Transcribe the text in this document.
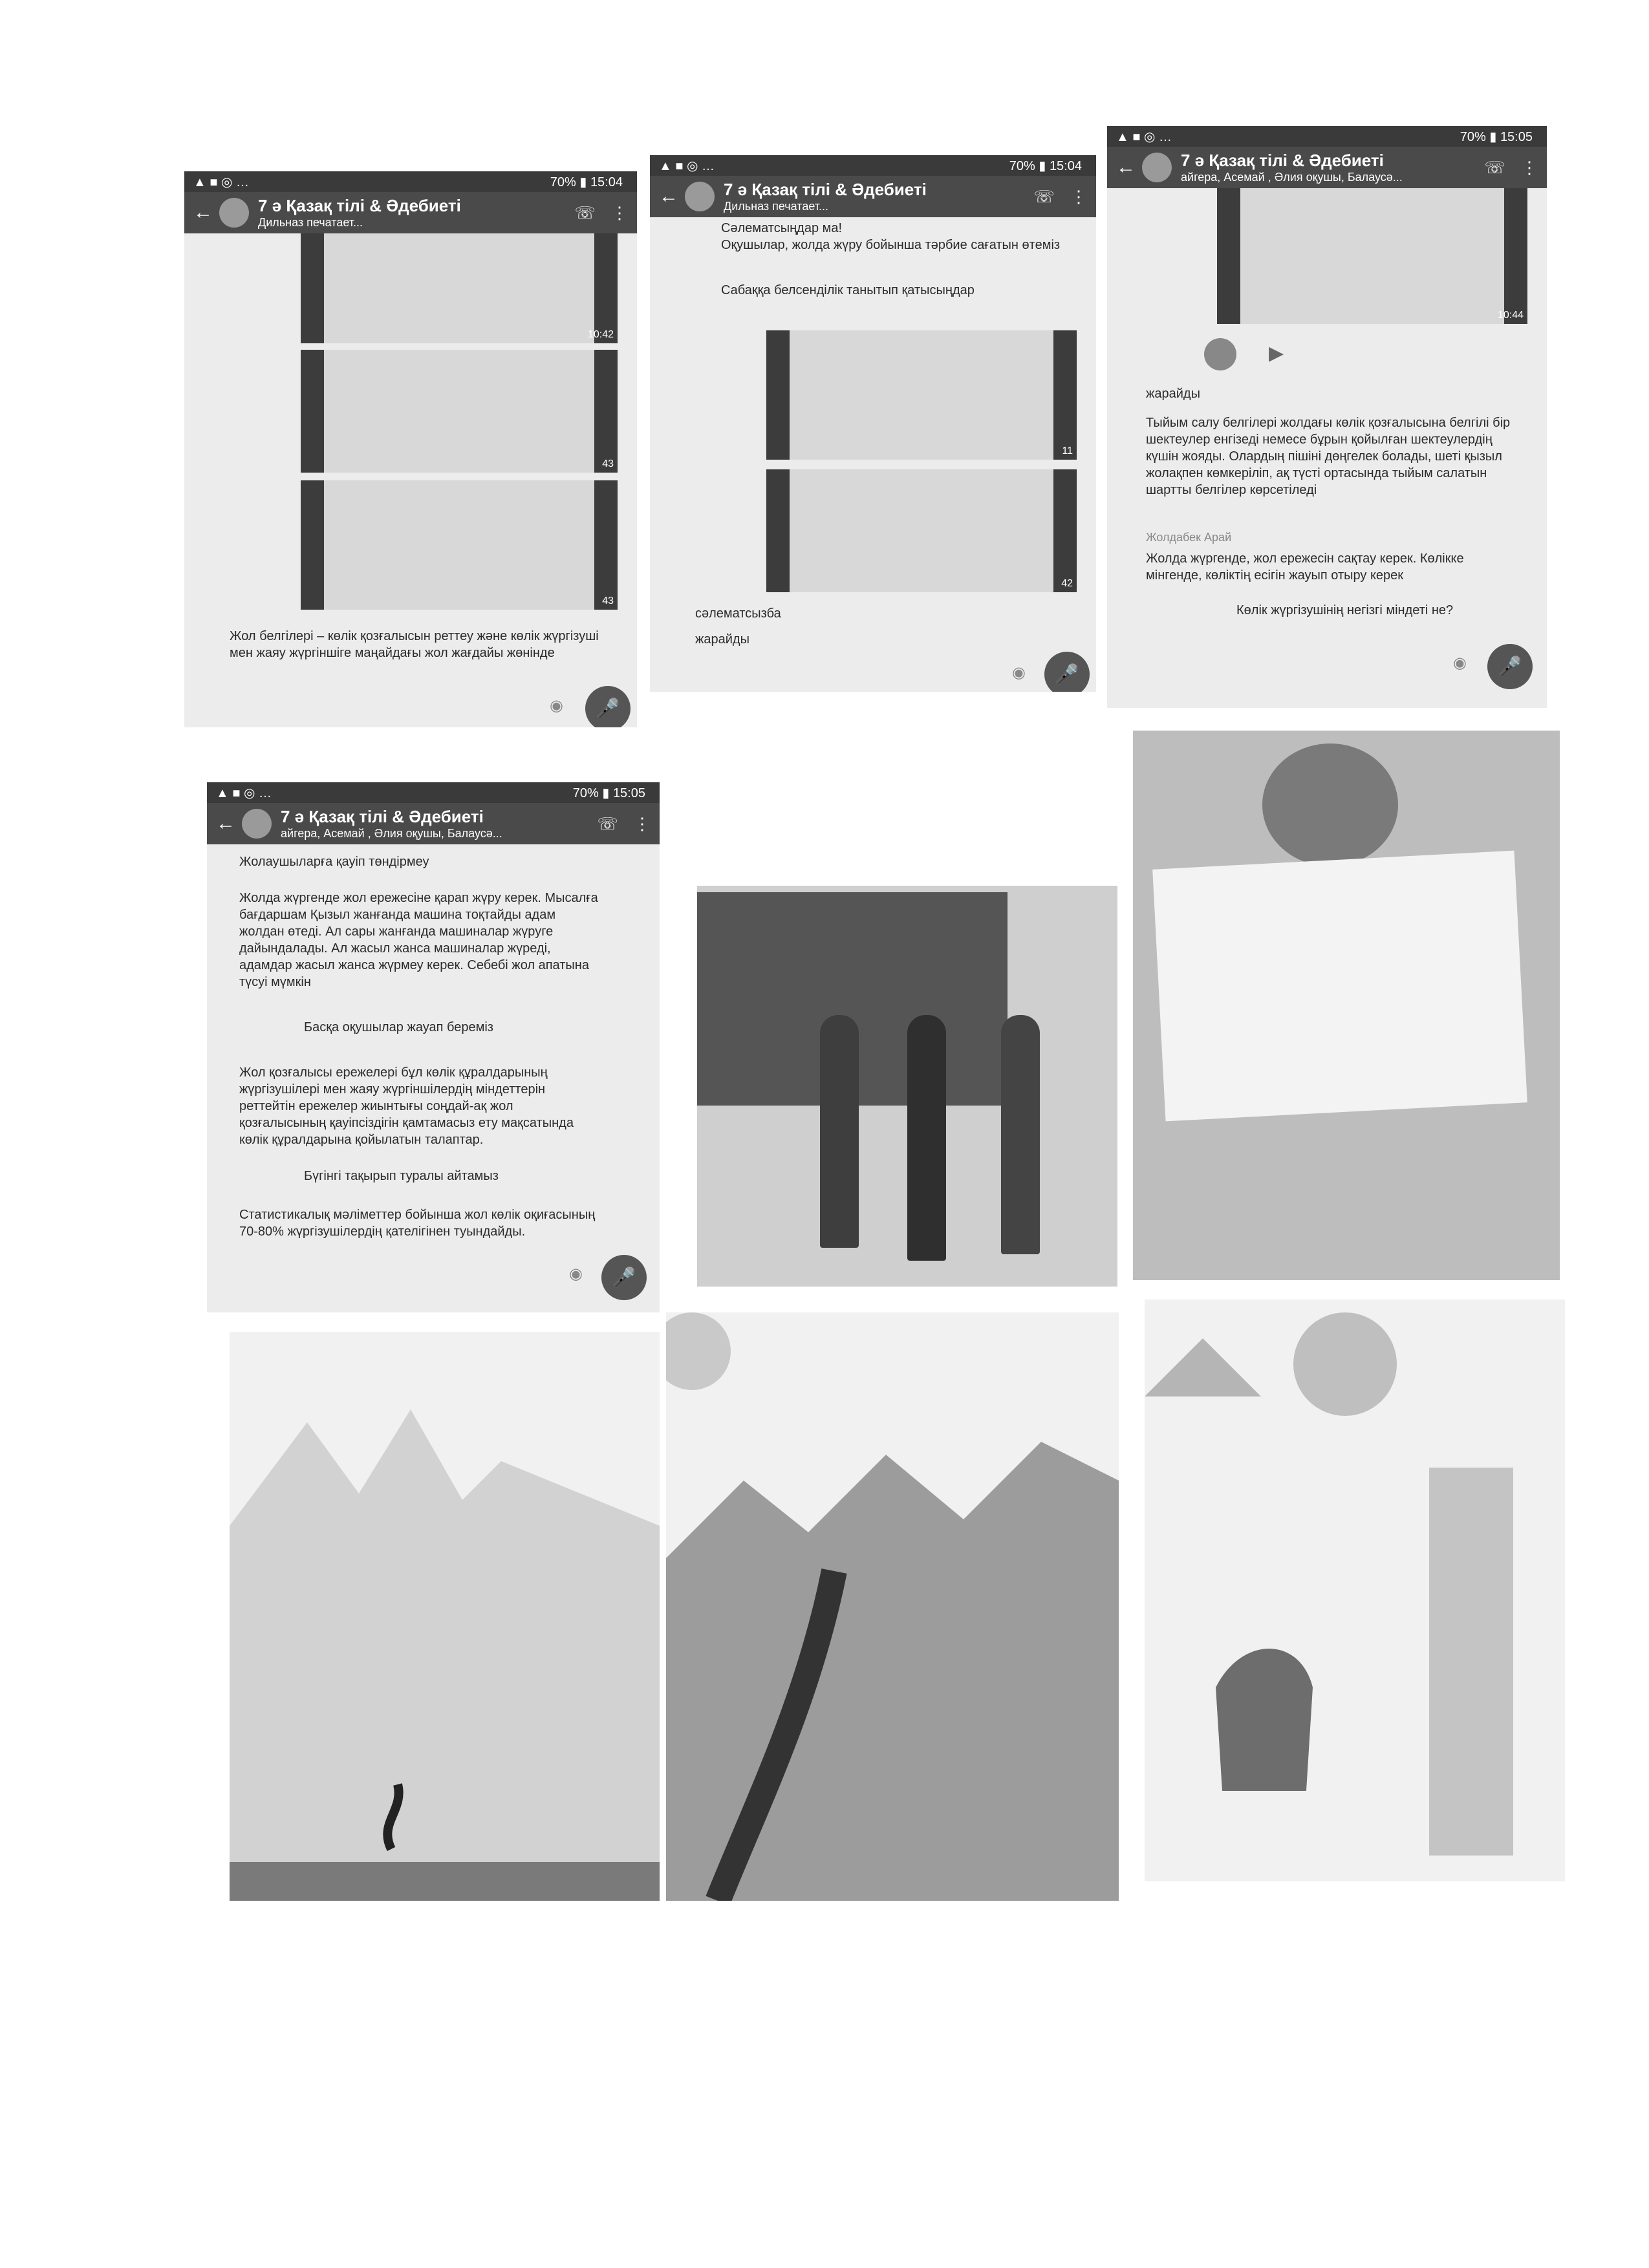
▲ ■ ◎ …	70% ▮ 15:04
←	7 ә Қазақ тілі & Әдебиеті
Дильназ печатает...
☏ ⋮
10:42
43
43
Жол белгілері – көлік қозғалысын реттеу және көлік жүргізуші мен жаяу жүргіншіге маңайдағы жол жағдайы жөнінде
◉	🎤
▲ ■ ◎ …	70% ▮ 15:04
←	7 ә Қазақ тілі & Әдебиеті
Дильназ печатает...
☏ ⋮
Сәлематсыңдар ма!
Оқушылар, жолда жүру бойынша тәрбие сағатын өтеміз
Сабаққа белсенділік танытып қатысыңдар
11
42
сәлематсызба
жарайды
◉	🎤
▲ ■ ◎ …	70% ▮ 15:05
←	7 ә Қазақ тілі & Әдебиеті
айгера, Асемай , Әлия оқушы, Балаусә...
☏ ⋮
10:44
▶
жарайды
Тыйым салу белгілері жолдағы көлік қозғалысына белгілі бір шектеулер енгізеді немесе бұрын қойылған шектеулердің күшін жояды. Олардың пішіні дөңгелек болады, шеті қызыл жолақпен көмкеріліп, ақ түсті ортасында тыйым салатын шартты белгілер көрсетіледі
Жолдабек Арай
Жолда жүргенде, жол ережесін сақтау керек. Көлікке мінгенде, көліктің есігін жауып отыру керек
Көлік жүргізушінің негізгі міндеті не?
◉	🎤
▲ ■ ◎ …	70% ▮ 15:05
←	7 ә Қазақ тілі & Әдебиеті
айгера, Асемай , Әлия оқушы, Балаусә...
☏ ⋮
Жолаушыларға қауіп төндірмеу
Жолда жүргенде жол ережесіне қарап жүру керек. Мысалға бағдаршам Қызыл жанғанда машина тоқтайды адам жолдан өтеді. Ал сары жанғанда машиналар жүруге дайындалады. Ал жасыл жанса машиналар жүреді, адамдар жасыл жанса жүрмеу керек. Себебі жол апатына түсуі мүмкін
Басқа оқушылар жауап беремiз
Жол қозғалысы ережелері бұл көлік құралдарының жүргізушілері мен жаяу жүргіншілердің міндеттерін реттейтін ережелер жиынтығы соңдай-ақ жол қозғалысының қауіпсіздігін қамтамасыз ету мақсатында көлік құралдарына қойылатын талаптар.
Бүгінгі тақырып туралы айтамыз
Статистикалық мәліметтер бойынша жол көлік оқиғасының 70-80% жүргізушілердің қателігінен туындайды.
◉	🎤
